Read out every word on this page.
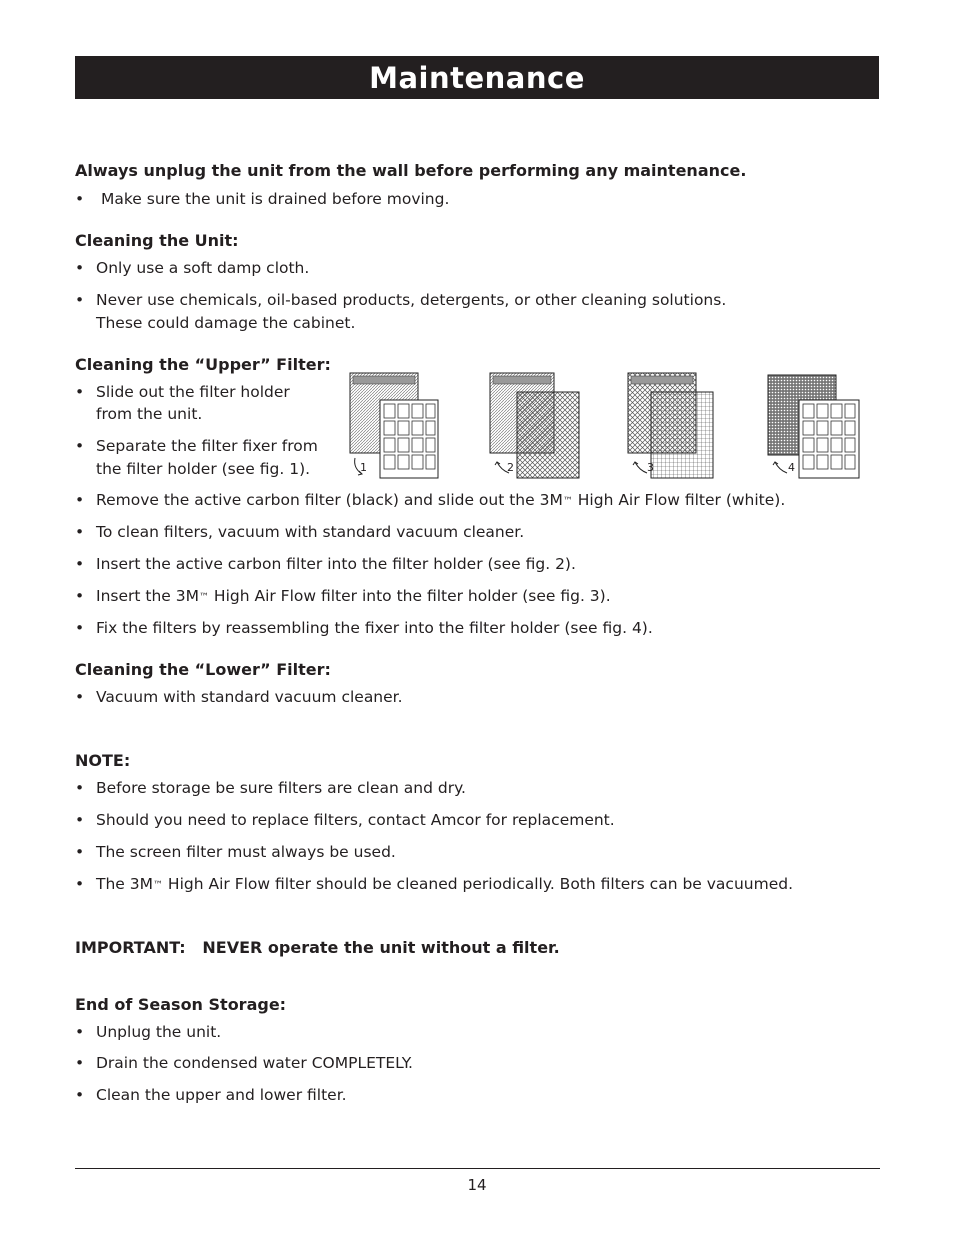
Maintenance
Always unplug the unit from the wall before performing any maintenance.
• Make sure the unit is drained before moving.
Cleaning the Unit:
• Only use a soft damp cloth.
• Never use chemicals, oil-based products, detergents, or other cleaning solutions.
These could damage the cabinet.
Cleaning the “Upper” Filter:
• Slide out the filter holder
from the unit.
• Separate the filter fixer from
the filter holder (see fig. 1).	1	2	3	4
• Remove the active carbon filter (black) and slide out the 3M™ High Air Flow filter (white).
• To clean filters, vacuum with standard vacuum cleaner.
• Insert the active carbon filter into the filter holder (see fig. 2).
• Insert the 3M™ High Air Flow filter into the filter holder (see fig. 3).
• Fix the filters by reassembling the fixer into the filter holder (see fig. 4).
Cleaning the “Lower” Filter:
• Vacuum with standard vacuum cleaner.
NOTE:
• Before storage be sure filters are clean and dry.
• Should you need to replace filters, contact Amcor for replacement.
• The screen filter must always be used.
• The 3M™ High Air Flow filter should be cleaned periodically. Both filters can be vacuumed.
IMPORTANT:   NEVER operate the unit without a filter.
End of Season Storage:
• Unplug the unit.
• Drain the condensed water COMPLETELY.
• Clean the upper and lower filter.
14
